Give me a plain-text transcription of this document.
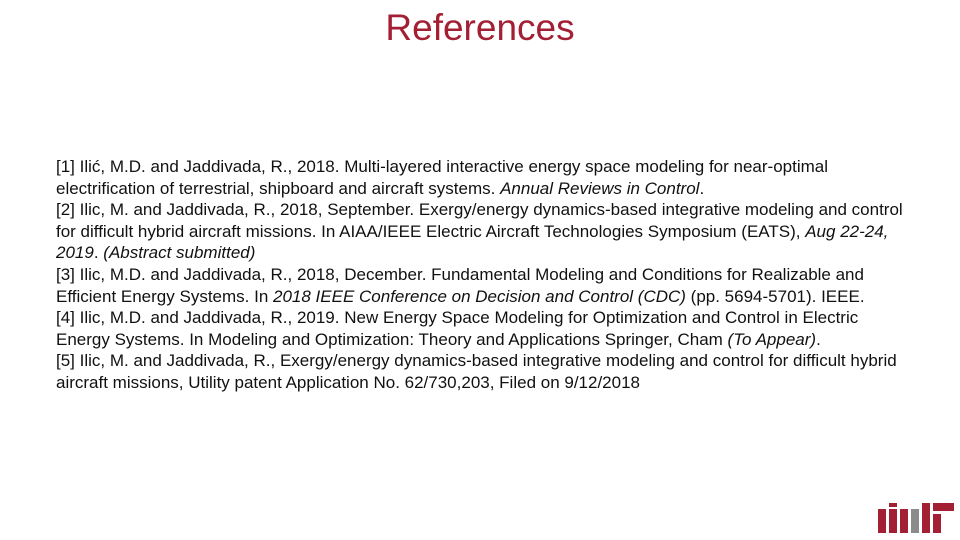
References

[1] Ilić, M.D. and Jaddivada, R., 2018. Multi-layered interactive energy space modeling for near-optimal electrification of terrestrial, shipboard and aircraft systems. Annual Reviews in Control.

[2] Ilic, M. and Jaddivada, R., 2018, September. Exergy/energy dynamics-based integrative modeling and control for difficult hybrid aircraft missions. In AIAA/IEEE Electric Aircraft Technologies Symposium (EATS), Aug 22-24, 2019. (Abstract submitted)

[3] Ilic, M.D. and Jaddivada, R., 2018, December. Fundamental Modeling and Conditions for Realizable and Efficient Energy Systems. In 2018 IEEE Conference on Decision and Control (CDC) (pp. 5694-5701). IEEE.

[4] Ilic, M.D. and Jaddivada, R., 2019. New Energy Space Modeling for Optimization and Control in Electric Energy Systems. In Modeling and Optimization: Theory and Applications Springer, Cham (To Appear).

[5] Ilic, M. and Jaddivada, R., Exergy/energy dynamics-based integrative modeling and control for difficult hybrid aircraft missions, Utility patent Application No. 62/730,203, Filed on 9/12/2018
